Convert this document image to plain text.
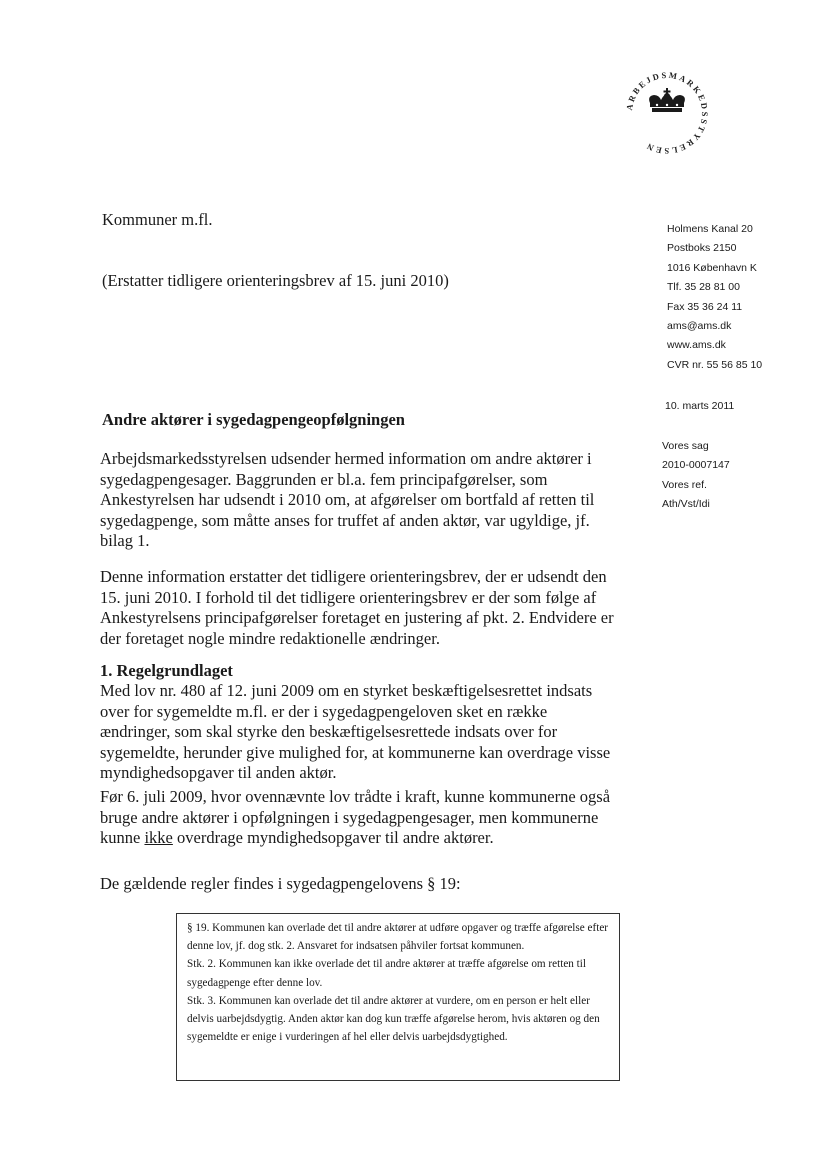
ARBEJDSMARKEDSSTYRELSEN
Kommuner m.fl.
(Erstatter tidligere orienteringsbrev af 15. juni 2010)
Holmens Kanal 20
Postboks 2150
1016 København K
Tlf. 35 28 81 00
Fax 35 36 24 11
ams@ams.dk
www.ams.dk
CVR nr. 55 56 85 10
10. marts 2011
Vores sag
2010-0007147
Vores ref.
Ath/Vst/Idi
Andre aktører i sygedagpengeopfølgningen
Arbejdsmarkedsstyrelsen udsender hermed information om andre aktører i sygedagpengesager. Baggrunden er bl.a. fem principafgørelser, som Ankestyrelsen har udsendt i 2010 om, at afgørelser om bortfald af retten til sygedagpenge, som måtte anses for truffet af anden aktør, var ugyldige, jf. bilag 1.
Denne information erstatter det tidligere orienteringsbrev, der er udsendt den 15. juni 2010. I forhold til det tidligere orienteringsbrev er der som følge af Ankestyrelsens principafgørelser foretaget en justering af pkt. 2. Endvidere er der foretaget nogle mindre redaktionelle ændringer.
1. Regelgrundlaget
Med lov nr. 480 af 12. juni 2009 om en styrket beskæftigelsesrettet indsats over for sygemeldte m.fl. er der i sygedagpengeloven sket en række ændringer, som skal styrke den beskæftigelsesrettede indsats over for sygemeldte, herunder give mulighed for, at kommunerne kan overdrage visse myndighedsopgaver til anden aktør.
Før 6. juli 2009, hvor ovennævnte lov trådte i kraft, kunne kommunerne også bruge andre aktører i opfølgningen i sygedagpengesager, men kommunerne kunne ikke overdrage myndighedsopgaver til andre aktører.
De gældende regler findes i sygedagpengelovens § 19:

§ 19. Kommunen kan overlade det til andre aktører at udføre opgaver og træffe afgørelse efter denne lov, jf. dog stk. 2. Ansvaret for indsatsen påhviler fortsat kommunen.

Stk. 2. Kommunen kan ikke overlade det til andre aktører at træffe afgørelse om retten til sygedagpenge efter denne lov.

Stk. 3. Kommunen kan overlade det til andre aktører at vurdere, om en person er helt eller delvis uarbejdsdygtig. Anden aktør kan dog kun træffe afgørelse herom, hvis aktøren og den sygemeldte er enige i vurderingen af hel eller delvis uarbejdsdygtighed.
